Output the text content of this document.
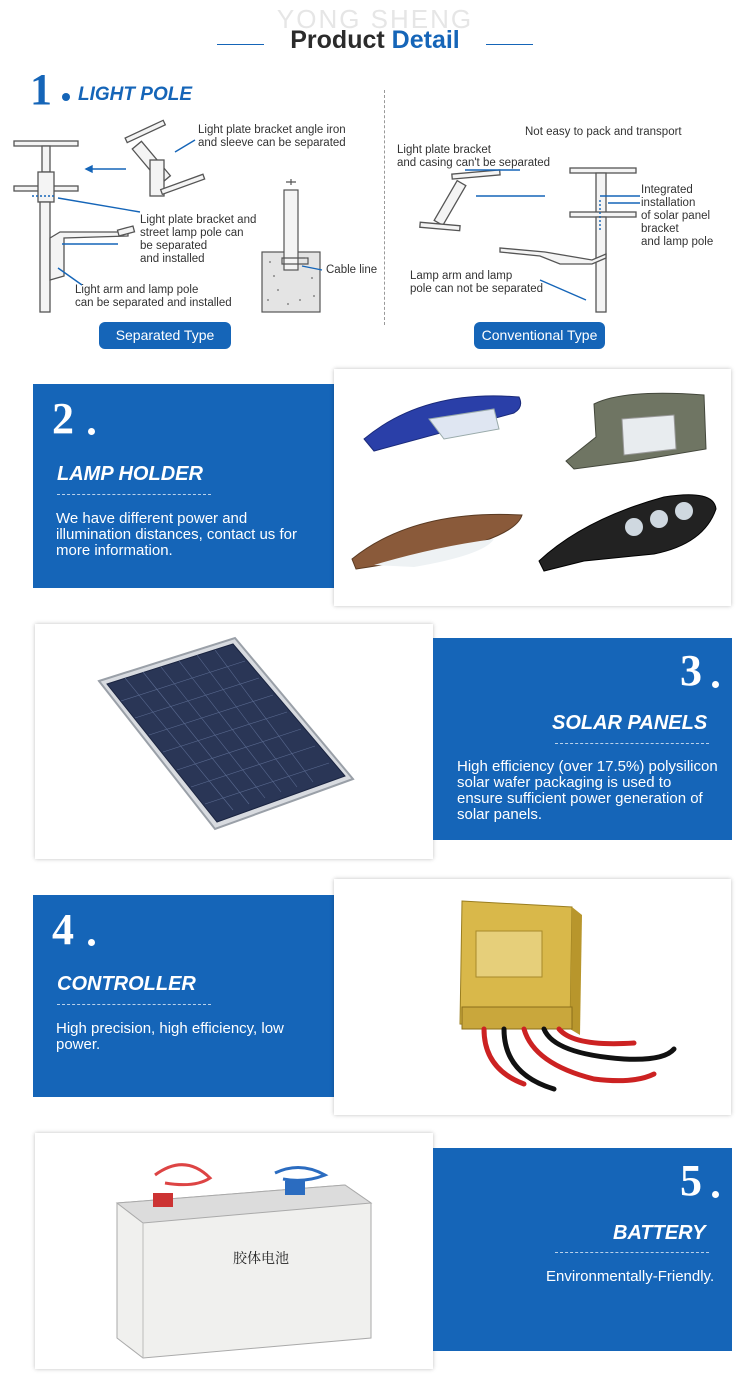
YONG SHENG
Product Detail
1 LIGHT POLE
Light plate bracket angle iron
and sleeve can be separated
Light plate bracket and
street lamp pole can
be separated
and installed
Light arm and lamp pole
can be separated and installed
Cable line
Not easy to pack and transport
Light plate bracket
and casing can't be separated
Integrated installation
of solar panel bracket
and lamp pole
Lamp arm and lamp
pole can not be separated
Separated Type	Conventional Type
2
LAMP HOLDER
We have different power and
illumination distances, contact us for
more information.
3
SOLAR PANELS
High efficiency (over 17.5%) polysilicon
solar wafer packaging is used to
ensure sufficient power generation of
solar panels.
4
CONTROLLER
High precision, high efficiency, low
power.
胶体电池
5
BATTERY
Environmentally-Friendly.
